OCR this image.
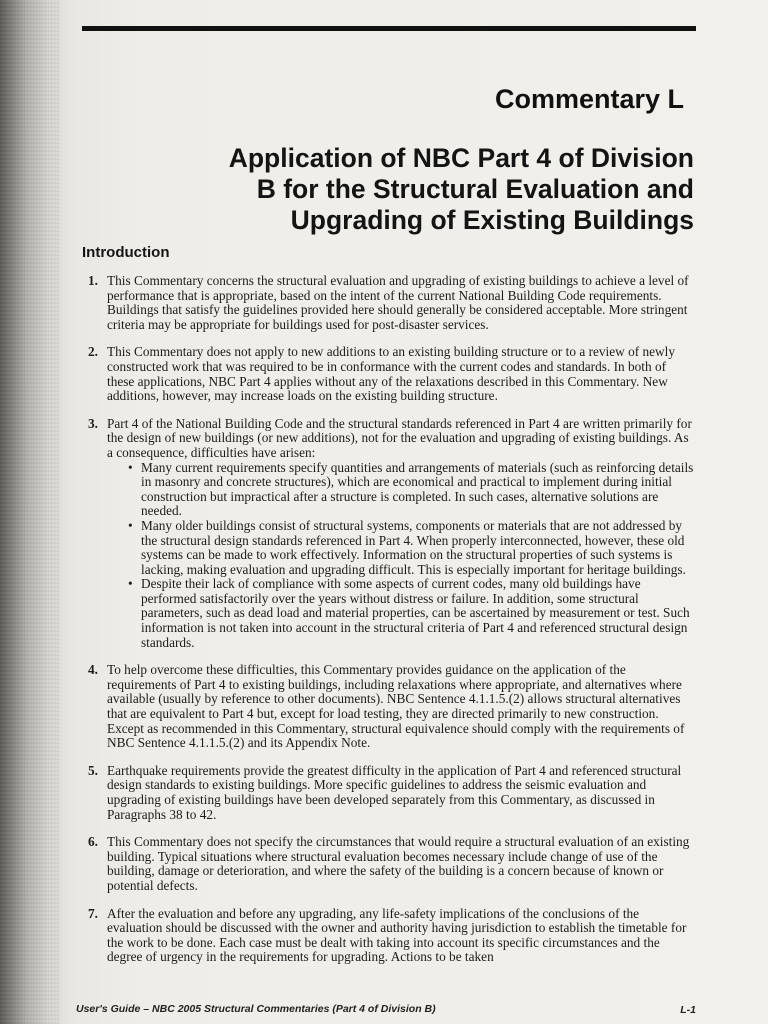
Commentary L
Application of NBC Part 4 of Division
B for the Structural Evaluation and
Upgrading of Existing Buildings
Introduction
1. This Commentary concerns the structural evaluation and upgrading of existing buildings to achieve a level of performance that is appropriate, based on the intent of the current National Building Code requirements. Buildings that satisfy the guidelines provided here should generally be considered acceptable. More stringent criteria may be appropriate for buildings used for post-disaster services.
2. This Commentary does not apply to new additions to an existing building structure or to a review of newly constructed work that was required to be in conformance with the current codes and standards. In both of these applications, NBC Part 4 applies without any of the relaxations described in this Commentary. New additions, however, may increase loads on the existing building structure.
3. Part 4 of the National Building Code and the structural standards referenced in Part 4 are written primarily for the design of new buildings (or new additions), not for the evaluation and upgrading of existing buildings. As a consequence, difficulties have arisen:
• Many current requirements specify quantities and arrangements of materials (such as reinforcing details in masonry and concrete structures), which are economical and practical to implement during initial construction but impractical after a structure is completed. In such cases, alternative solutions are needed.
• Many older buildings consist of structural systems, components or materials that are not addressed by the structural design standards referenced in Part 4. When properly interconnected, however, these old systems can be made to work effectively. Information on the structural properties of such systems is lacking, making evaluation and upgrading difficult. This is especially important for heritage buildings.
• Despite their lack of compliance with some aspects of current codes, many old buildings have performed satisfactorily over the years without distress or failure. In addition, some structural parameters, such as dead load and material properties, can be ascertained by measurement or test. Such information is not taken into account in the structural criteria of Part 4 and referenced structural design standards.
4. To help overcome these difficulties, this Commentary provides guidance on the application of the requirements of Part 4 to existing buildings, including relaxations where appropriate, and alternatives where available (usually by reference to other documents). NBC Sentence 4.1.1.5.(2) allows structural alternatives that are equivalent to Part 4 but, except for load testing, they are directed primarily to new construction. Except as recommended in this Commentary, structural equivalence should comply with the requirements of NBC Sentence 4.1.1.5.(2) and its Appendix Note.
5. Earthquake requirements provide the greatest difficulty in the application of Part 4 and referenced structural design standards to existing buildings. More specific guidelines to address the seismic evaluation and upgrading of existing buildings have been developed separately from this Commentary, as discussed in Paragraphs 38 to 42.
6. This Commentary does not specify the circumstances that would require a structural evaluation of an existing building. Typical situations where structural evaluation becomes necessary include change of use of the building, damage or deterioration, and where the safety of the building is a concern because of known or potential defects.
7. After the evaluation and before any upgrading, any life-safety implications of the conclusions of the evaluation should be discussed with the owner and authority having jurisdiction to establish the timetable for the work to be done. Each case must be dealt with taking into account its specific circumstances and the degree of urgency in the requirements for upgrading. Actions to be taken
User's Guide – NBC 2005 Structural Commentaries (Part 4 of Division B)	L-1
